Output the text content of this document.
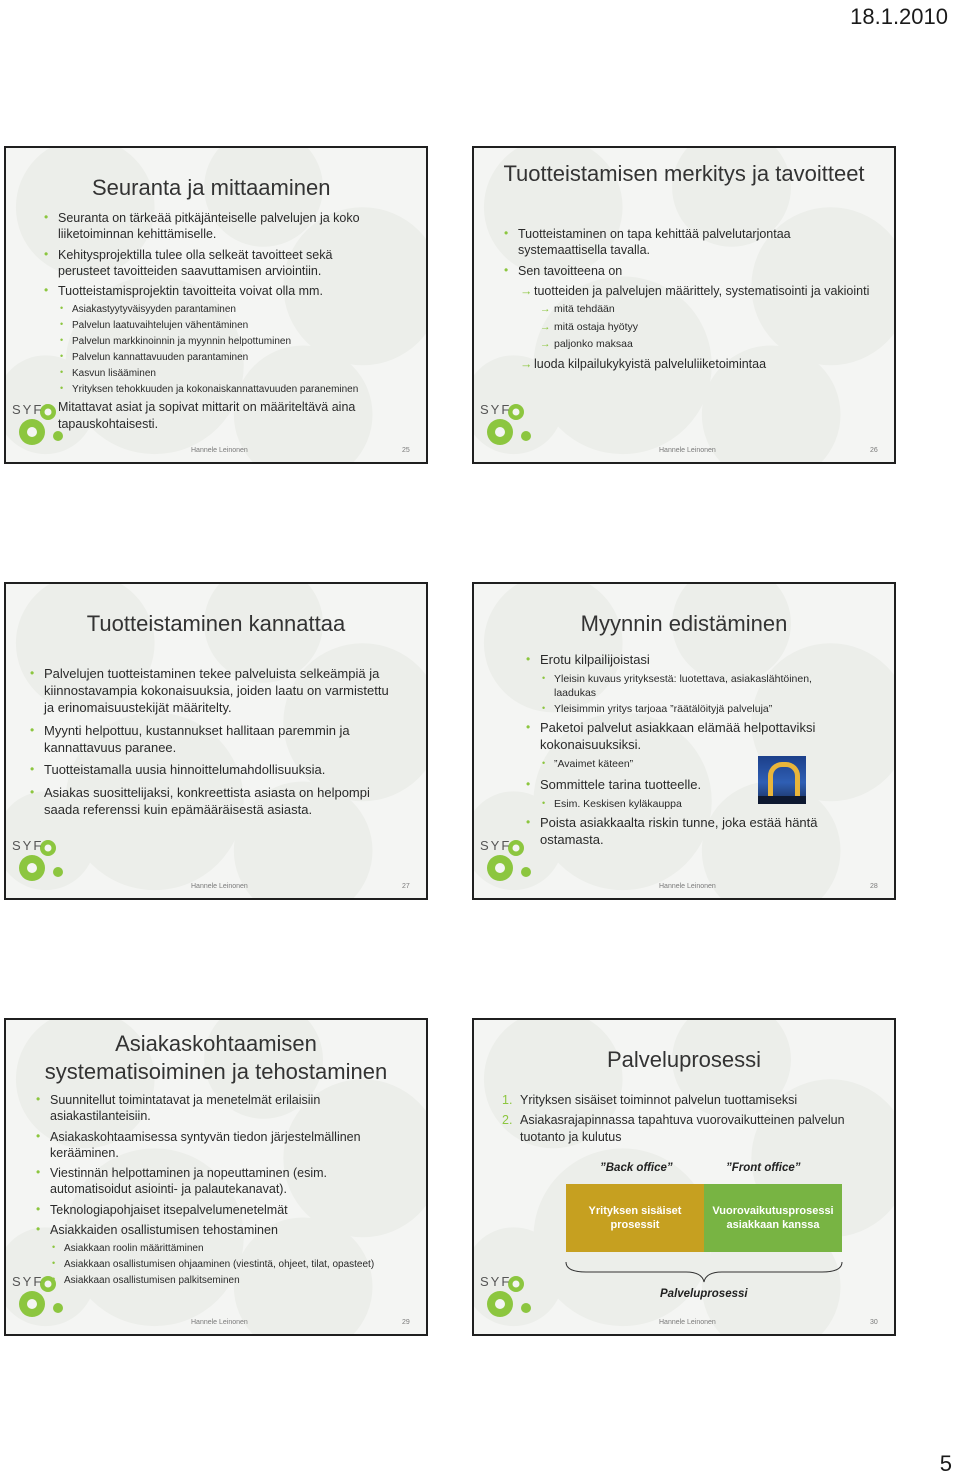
18.1.2010
Seuranta ja mittaaminen
• Seuranta on tärkeää pitkäjänteiselle palvelujen ja koko liiketoiminnan kehittämiselle.
• Kehitysprojektilla tulee olla selkeät tavoitteet sekä perusteet tavoitteiden saavuttamisen arviointiin.
• Tuotteistamisprojektin tavoitteita voivat olla mm.
• Asiakastyytyväisyyden parantaminen
• Palvelun laatuvaihtelujen vähentäminen
• Palvelun markkinoinnin ja myynnin helpottuminen
• Palvelun kannattavuuden parantaminen
• Kasvun lisääminen
• Yrityksen tehokkuuden ja kokonaiskannattavuuden paraneminen
• Mitattavat asiat ja sopivat mittarit on määriteltävä aina tapauskohtaisesti.
SYF
Hannele Leinonen	25
Tuotteistamisen merkitys ja tavoitteet
• Tuotteistaminen on tapa kehittää palvelutarjontaa systemaattisella tavalla.
• Sen tavoitteena on
→ tuotteiden ja palvelujen määrittely, systematisointi ja vakiointi
→ mitä tehdään
→ mitä ostaja hyötyy
→ paljonko maksaa
→ luoda kilpailukykyistä palveluliiketoimintaa
SYF
Hannele Leinonen	26
Tuotteistaminen kannattaa
• Palvelujen tuotteistaminen tekee palveluista selkeämpiä ja kiinnostavampia kokonaisuuksia, joiden laatu on varmistettu ja erinomaisuustekijät määritelty.
• Myynti helpottuu, kustannukset hallitaan paremmin ja kannattavuus paranee.
• Tuotteistamalla uusia hinnoittelumahdollisuuksia.
• Asiakas suosittelijaksi, konkreettista asiasta on helpompi saada referenssi kuin epämääräisestä asiasta.
SYF
Hannele Leinonen	27
Myynnin edistäminen
• Erotu kilpailijoistasi
• Yleisin kuvaus yrityksestä: luotettava, asiakaslähtöinen, laadukas
• Yleisimmin yritys tarjoaa ”räätälöityjä palveluja”
• Paketoi palvelut asiakkaan elämää helpottaviksi kokonaisuuksiksi.
• ”Avaimet käteen”
• Sommittele tarina tuotteelle.
• Esim. Keskisen kyläkauppa
• Poista asiakkaalta riskin tunne, joka estää häntä ostamasta.
SYF
Hannele Leinonen	28
Asiakaskohtaamisen systematisoiminen ja tehostaminen
• Suunnitellut toimintatavat ja menetelmät erilaisiin asiakastilanteisiin.
• Asiakaskohtaamisessa syntyvän tiedon järjestelmällinen kerääminen.
• Viestinnän helpottaminen ja nopeuttaminen (esim. automatisoidut asiointi- ja palautekanavat).
• Teknologiapohjaiset itsepalvelumenetelmät
• Asiakkaiden osallistumisen tehostaminen
• Asiakkaan roolin määrittäminen
• Asiakkaan osallistumisen ohjaaminen (viestintä, ohjeet, tilat, opasteet)
• Asiakkaan osallistumisen palkitseminen
SYF
Hannele Leinonen	29
Palveluprosessi
1. Yrityksen sisäiset toiminnot palvelun tuottamiseksi
2. Asiakasrajapinnassa tapahtuva vuorovaikutteinen palvelun tuotanto ja kulutus
”Back office”	”Front office”
Yrityksen sisäiset prosessit
Vuorovaikutusprosessi asiakkaan kanssa
Palveluprosessi
SYF
Hannele Leinonen	30
5
